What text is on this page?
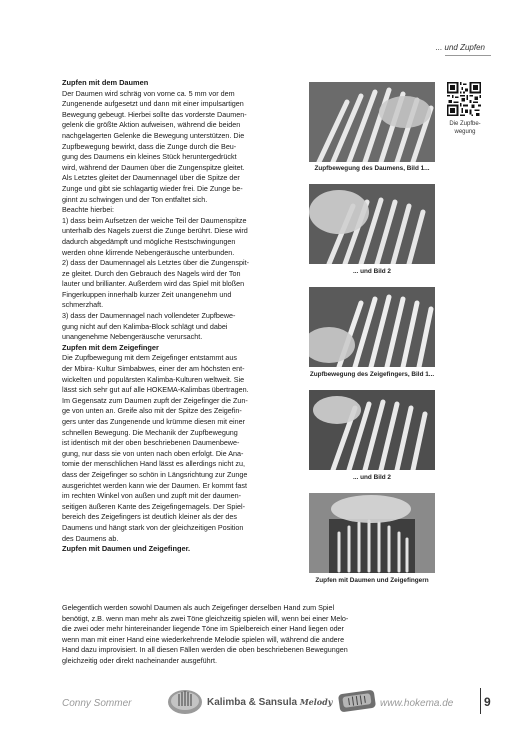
... und Zupfen
Zupfen mit dem Daumen

Der Daumen wird schräg von vorne ca. 5 mm vor dem
Zungenende aufgesetzt und dann mit einer impulsartigen
Bewegung gebeugt. Hierbei sollte das vorderste Daumen-
gelenk die größte Aktion aufweisen, während die beiden
nachgelagerten Gelenke die Bewegung unterstützen. Die
Zupfbewegung bewirkt, dass die Zunge durch die Beu-
gung des Daumens ein kleines Stück heruntergedrückt
wird, während der Daumen über die Zungenspitze gleitet.
Als Letztes gleitet der Daumennagel über die Spitze der
Zunge und gibt sie schlagartig wieder frei. Die Zunge be-
ginnt zu schwingen und der Ton entfaltet sich.
Beachte hierbei:
1) dass beim Aufsetzen der weiche Teil der Daumenspitze
unterhalb des Nagels zuerst die Zunge berührt. Diese wird
dadurch abgedämpft und mögliche Restschwingungen
werden ohne klirrende Nebengeräusche unterbunden.
2) dass der Daumennagel als Letztes über die Zungenspit-
ze gleitet. Durch den Gebrauch des Nagels wird der Ton
lauter und brillianter. Außerdem wird das Spiel mit bloßen
Fingerkuppen innerhalb kurzer Zeit unangenehm und
schmerzhaft.
3) dass der Daumennagel nach vollendeter Zupfbewe-
gung nicht auf den Kalimba-Block schlägt und dabei
unangenehme Nebengeräusche verursacht.

Zupfen mit dem Zeigefinger

Die Zupfbewegung mit dem Zeigefinger entstammt aus
der Mbira- Kultur Simbabwes, einer der am höchsten ent-
wickelten und populärsten Kalimba-Kulturen weltweit. Sie
lässt sich sehr gut auf alle HOKEMA-Kalimbas übertragen.
Im Gegensatz zum Daumen zupft der Zeigefinger die Zun-
ge von unten an. Greife also mit der Spitze des Zeigefin-
gers unter das Zungenende und krümme diesen mit einer
schnellen Bewegung. Die Mechanik der Zupfbewegung
ist identisch mit der oben beschriebenen Daumenbewe-
gung, nur dass sie von unten nach oben erfolgt. Die Ana-
tomie der menschlichen Hand lässt es allerdings nicht zu,
dass der Zeigefinger so schön in Längsrichtung zur Zunge
ausgerichtet werden kann wie der Daumen. Er kommt fast
im rechten Winkel von außen und zupft mit der daumen-
seitigen äußeren Kante des Zeigefingernagels. Der Spiel-
bereich des Zeigefingers ist deutlich kleiner als der des
Daumens und hängt stark von der gleichzeitigen Position
des Daumens ab.

Zupfen mit Daumen und Zeigefinger.
Gelegentlich werden sowohl Daumen als auch Zeigefinger derselben Hand zum Spiel
benötigt, z.B. wenn man mehr als zwei Töne gleichzeitig spielen will, wenn bei einer Melo-
die zwei oder mehr hintereinander liegende Töne im Spielbereich einer Hand liegen oder
wenn man mit einer Hand eine wiederkehrende Melodie spielen will, während die andere
Hand dazu improvisiert. In all diesen Fällen werden die oben beschriebenen Bewegungen
gleichzeitig oder direkt nacheinander ausgeführt.
Die Zupfbe-
wegung
Zupfbewegung des Daumens, Bild 1...
... und Bild 2
Zupfbewegung des Zeigefingers, Bild 1...
... und Bild 2
Zupfen mit Daumen und Zeigefingern
Conny Sommer	Kalimba & Sansula Melody	www.hokema.de	9
